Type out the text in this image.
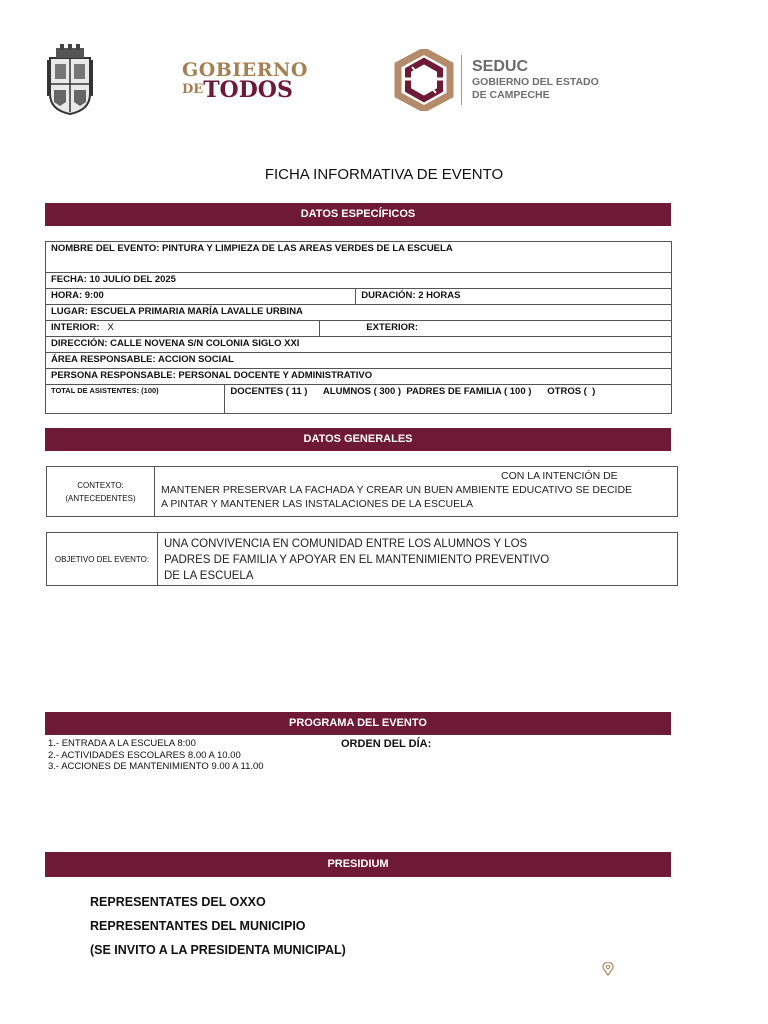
GOBIERNO
$^{DE}$TODOS
SEDUC
GOBIERNO DEL ESTADO
DE CAMPECHE
FICHA INFORMATIVA DE EVENTO
DATOS ESPECÍFICOS
NOMBRE DEL EVENTO: PINTURA Y LIMPIEZA DE LAS AREAS VERDES DE LA ESCUELA			
FECHA: 10 JULIO DEL 2025			
HORA: 9:00			DURACIÓN: 2 HORAS
LUGAR: ESCUELA PRIMARIA MARÍA LAVALLE URBINA			
INTERIOR: X		EXTERIOR:	
DIRECCIÓN: CALLE NOVENA S/N COLONIA SIGLO XXI			
ÁREA RESPONSABLE: ACCION SOCIAL			
PERSONA RESPONSABLE: PERSONAL DOCENTE Y ADMINISTRATIVO			
TOTAL DE ASISTENTES: (100)	DOCENTES ( 11 )      ALUMNOS ( 300 )  PADRES DE FAMILIA ( 100 )      OTROS (  )		
DATOS GENERALES
CONTEXTO: (ANTECEDENTES)
CON LA INTENCIÓN DE
MANTENER PRESERVAR LA FACHADA Y CREAR UN BUEN AMBIENTE EDUCATIVO SE DECIDE
A PINTAR Y MANTENER LAS INSTALACIONES DE LA ESCUELA
OBJETIVO DEL EVENTO:
UNA CONVIVENCIA EN COMUNIDAD ENTRE LOS ALUMNOS Y LOS
PADRES DE FAMILIA Y APOYAR EN EL MANTENIMIENTO PREVENTIVO
DE LA ESCUELA
PROGRAMA DEL EVENTO
1.- ENTRADA A LA ESCUELA 8:00
2.- ACTIVIDADES ESCOLARES 8.00 A 10.00
3.- ACCIONES DE MANTENIMIENTO 9.00 A 11.00
ORDEN DEL DÍA:
PRESIDIUM
REPRESENTATES DEL OXXO
REPRESENTANTES DEL MUNICIPIO
(SE INVITO A LA PRESIDENTA MUNICIPAL)
